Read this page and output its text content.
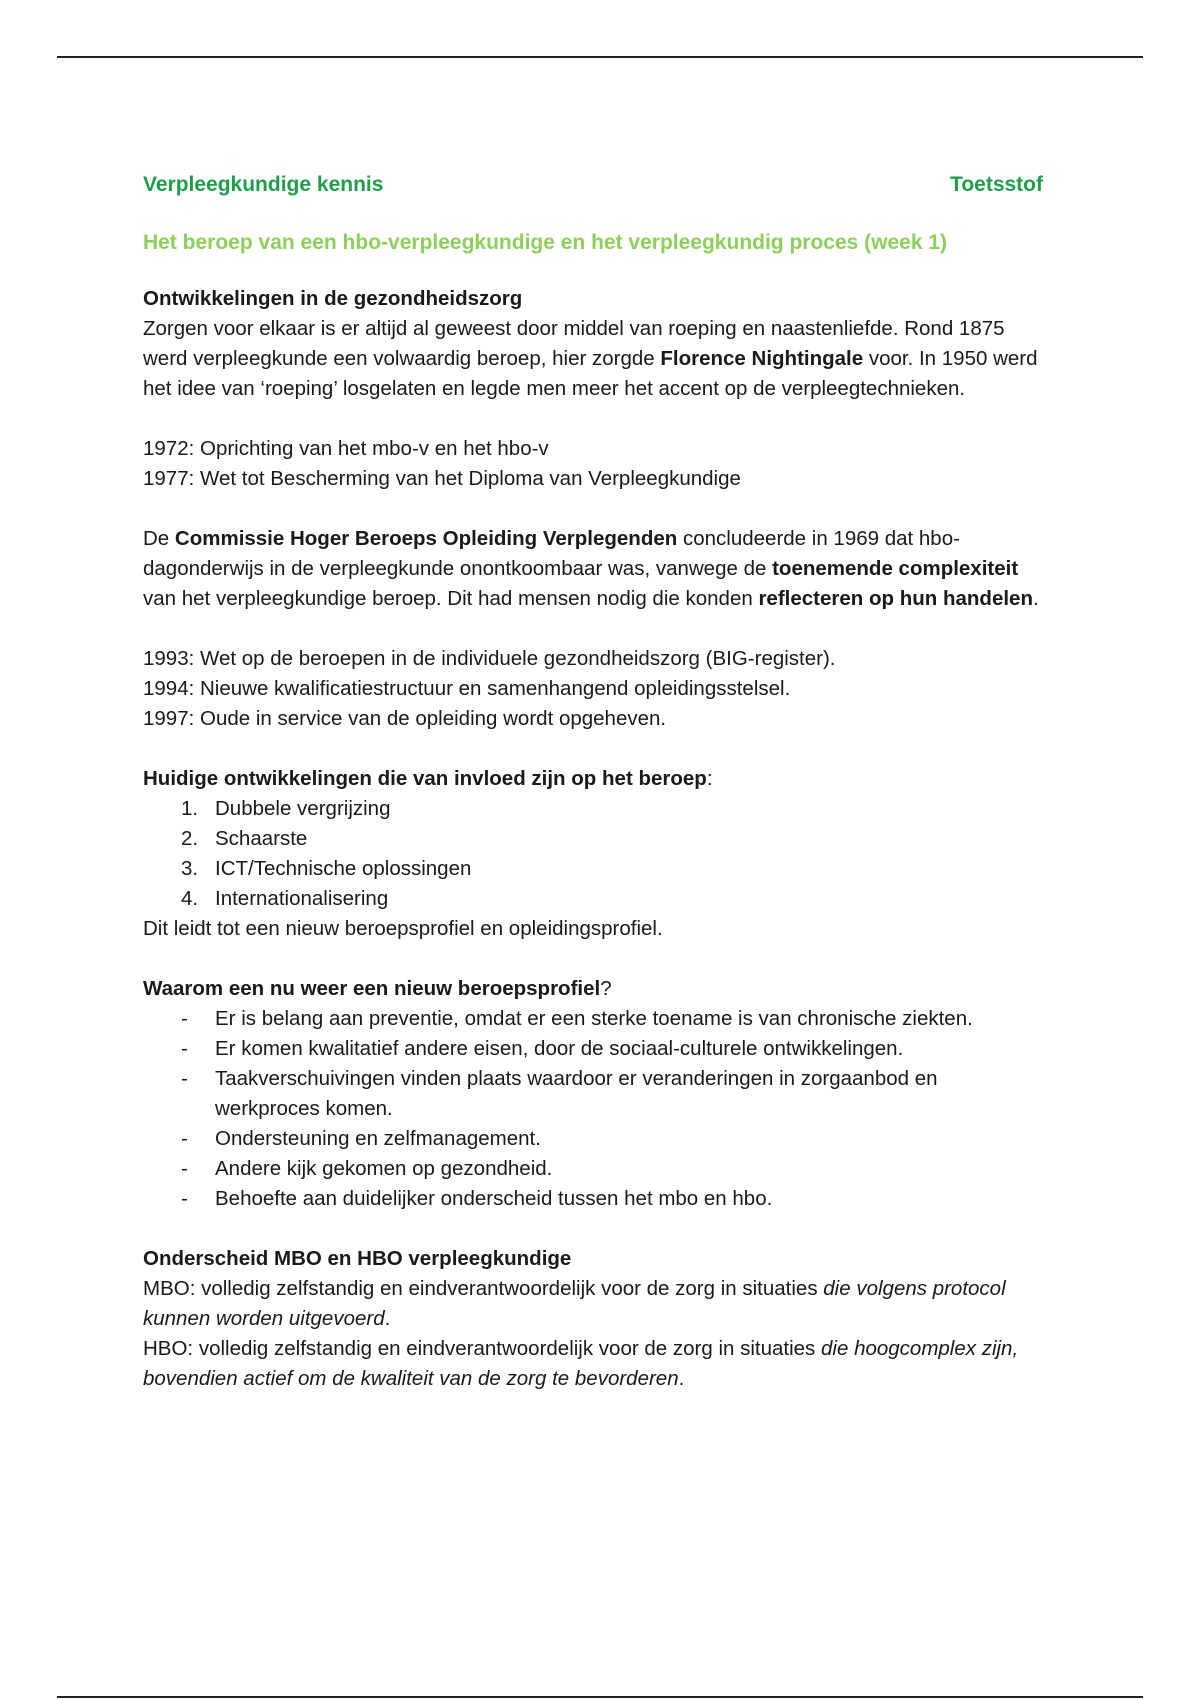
Verpleegkundige kennis	Toetsstof
Het beroep van een hbo-verpleegkundige en het verpleegkundig proces (week 1)

Ontwikkelingen in de gezondheidszorg

Zorgen voor elkaar is er altijd al geweest door middel van roeping en naastenliefde. Rond 1875 werd verpleegkunde een volwaardig beroep, hier zorgde Florence Nightingale voor. In 1950 werd het idee van ‘roeping’ losgelaten en legde men meer het accent op de verpleegtechnieken.

1972: Oprichting van het mbo-v en het hbo-v

1977: Wet tot Bescherming van het Diploma van Verpleegkundige

De Commissie Hoger Beroeps Opleiding Verplegenden concludeerde in 1969 dat hbo-dagonderwijs in de verpleegkunde onontkoombaar was, vanwege de toenemende complexiteit van het verpleegkundige beroep. Dit had mensen nodig die konden reflecteren op hun handelen.

1993: Wet op de beroepen in de individuele gezondheidszorg (BIG-register).

1994: Nieuwe kwalificatiestructuur en samenhangend opleidingsstelsel.

1997: Oude in service van de opleiding wordt opgeheven.

Huidige ontwikkelingen die van invloed zijn op het beroep:

1. Dubbele vergrijzing
2. Schaarste
3. ICT/Technische oplossingen
4. Internationalisering

Dit leidt tot een nieuw beroepsprofiel en opleidingsprofiel.

Waarom een nu weer een nieuw beroepsprofiel?

- Er is belang aan preventie, omdat er een sterke toename is van chronische ziekten.
- Er komen kwalitatief andere eisen, door de sociaal-culturele ontwikkelingen.
- Taakverschuivingen vinden plaats waardoor er veranderingen in zorgaanbod en werkproces komen.
- Ondersteuning en zelfmanagement.
- Andere kijk gekomen op gezondheid.
- Behoefte aan duidelijker onderscheid tussen het mbo en hbo.

Onderscheid MBO en HBO verpleegkundige

MBO: volledig zelfstandig en eindverantwoordelijk voor de zorg in situaties die volgens protocol kunnen worden uitgevoerd.

HBO: volledig zelfstandig en eindverantwoordelijk voor de zorg in situaties die hoogcomplex zijn, bovendien actief om de kwaliteit van de zorg te bevorderen.
